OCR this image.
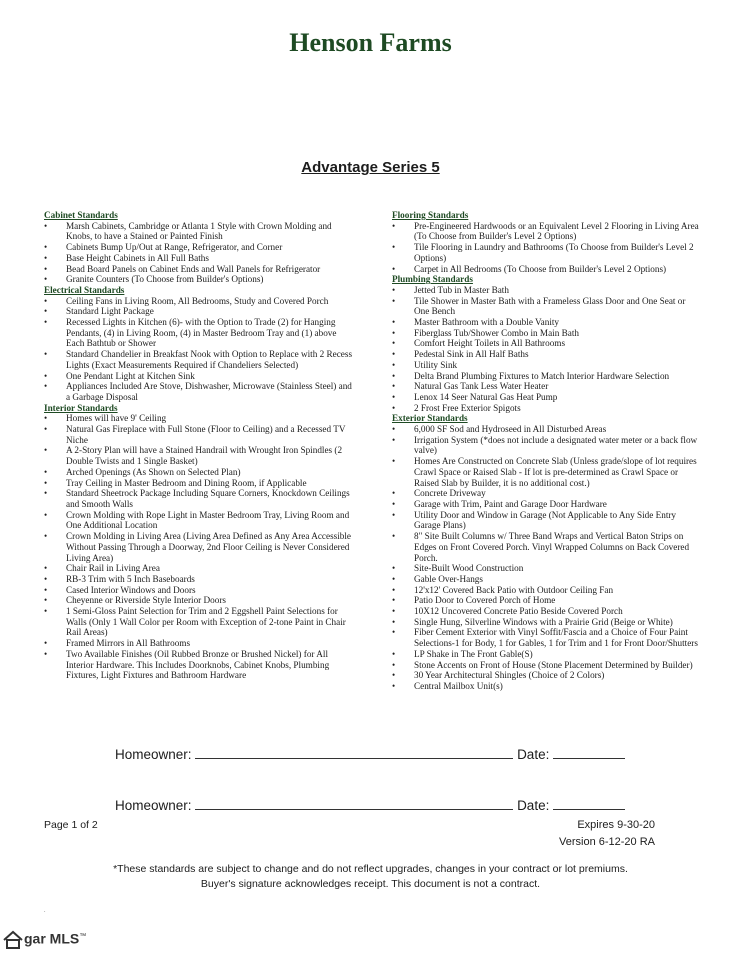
Henson Farms
Advantage Series 5
Cabinet Standards
• Marsh Cabinets, Cambridge or Atlanta 1 Style with Crown Molding and Knobs, to have a Stained or Painted Finish
• Cabinets Bump Up/Out at Range, Refrigerator, and Corner
• Base Height Cabinets in All Full Baths
• Bead Board Panels on Cabinet Ends and Wall Panels for Refrigerator
• Granite Counters (To Choose from Builder's Options)
Electrical Standards
• Ceiling Fans in Living Room, All Bedrooms, Study and Covered Porch
• Standard Light Package
• Recessed Lights in Kitchen (6)- with the Option to Trade (2) for Hanging Pendants, (4) in Living Room, (4) in Master Bedroom Tray and (1) above Each Bathtub or Shower
• Standard Chandelier in Breakfast Nook with Option to Replace with 2 Recess Lights (Exact Measurements Required if Chandeliers Selected)
• One Pendant Light at Kitchen Sink
• Appliances Included Are Stove, Dishwasher, Microwave (Stainless Steel) and a Garbage Disposal
Interior Standards
• Homes will have 9' Ceiling
• Natural Gas Fireplace with Full Stone (Floor to Ceiling) and a Recessed TV Niche
• A 2-Story Plan will have a Stained Handrail with Wrought Iron Spindles (2 Double Twists and 1 Single Basket)
• Arched Openings (As Shown on Selected Plan)
• Tray Ceiling in Master Bedroom and Dining Room, if Applicable
• Standard Sheetrock Package Including Square Corners, Knockdown Ceilings and Smooth Walls
• Crown Molding with Rope Light in Master Bedroom Tray, Living Room and One Additional Location
• Crown Molding in Living Area (Living Area Defined as Any Area Accessible Without Passing Through a Doorway, 2nd Floor Ceiling is Never Considered Living Area)
• Chair Rail in Living Area
• RB-3 Trim with 5 Inch Baseboards
• Cased Interior Windows and Doors
• Cheyenne or Riverside Style Interior Doors
• 1 Semi-Gloss Paint Selection for Trim and 2 Eggshell Paint Selections for Walls (Only 1 Wall Color per Room with Exception of 2-tone Paint in Chair Rail Areas)
• Framed Mirrors in All Bathrooms
• Two Available Finishes (Oil Rubbed Bronze or Brushed Nickel) for All Interior Hardware. This Includes Doorknobs, Cabinet Knobs, Plumbing Fixtures, Light Fixtures and Bathroom Hardware
Flooring Standards
• Pre-Engineered Hardwoods or an Equivalent Level 2 Flooring in Living Area (To Choose from Builder's Level 2 Options)
• Tile Flooring in Laundry and Bathrooms (To Choose from Builder's Level 2 Options)
• Carpet in All Bedrooms (To Choose from Builder's Level 2 Options)
Plumbing Standards
• Jetted Tub in Master Bath
• Tile Shower in Master Bath with a Frameless Glass Door and One Seat or One Bench
• Master Bathroom with a Double Vanity
• Fiberglass Tub/Shower Combo in Main Bath
• Comfort Height Toilets in All Bathrooms
• Pedestal Sink in All Half Baths
• Utility Sink
• Delta Brand Plumbing Fixtures to Match Interior Hardware Selection
• Natural Gas Tank Less Water Heater
• Lenox 14 Seer Natural Gas Heat Pump
• 2 Frost Free Exterior Spigots
Exterior Standards
• 6,000 SF Sod and Hydroseed in All Disturbed Areas
• Irrigation System (*does not include a designated water meter or a back flow valve)
• Homes Are Constructed on Concrete Slab (Unless grade/slope of lot requires Crawl Space or Raised Slab - If lot is pre-determined as Crawl Space or Raised Slab by Builder, it is no additional cost.)
• Concrete Driveway
• Garage with Trim, Paint and Garage Door Hardware
• Utility Door and Window in Garage (Not Applicable to Any Side Entry Garage Plans)
• 8" Site Built Columns w/ Three Band Wraps and Vertical Baton Strips on Edges on Front Covered Porch. Vinyl Wrapped Columns on Back Covered Porch.
• Site-Built Wood Construction
• Gable Over-Hangs
• 12'x12' Covered Back Patio with Outdoor Ceiling Fan
• Patio Door to Covered Porch of Home
• 10X12 Uncovered Concrete Patio Beside Covered Porch
• Single Hung, Silverline Windows with a Prairie Grid (Beige or White)
• Fiber Cement Exterior with Vinyl Soffit/Fascia and a Choice of Four Paint Selections-1 for Body, 1 for Gables, 1 for Trim and 1 for Front Door/Shutters
• LP Shake in The Front Gable(S)
• Stone Accents on Front of House (Stone Placement Determined by Builder)
• 30 Year Architectural Shingles (Choice of 2 Colors)
• Central Mailbox Unit(s)
Homeowner:	Date:
Homeowner:	Date:
Page 1 of 2	Expires 9-30-20
Version 6-12-20 RA
*These standards are subject to change and do not reflect upgrades, changes in your contract or lot premiums.
Buyer's signature acknowledges receipt. This document is not a contract.
.
gar MLS™
